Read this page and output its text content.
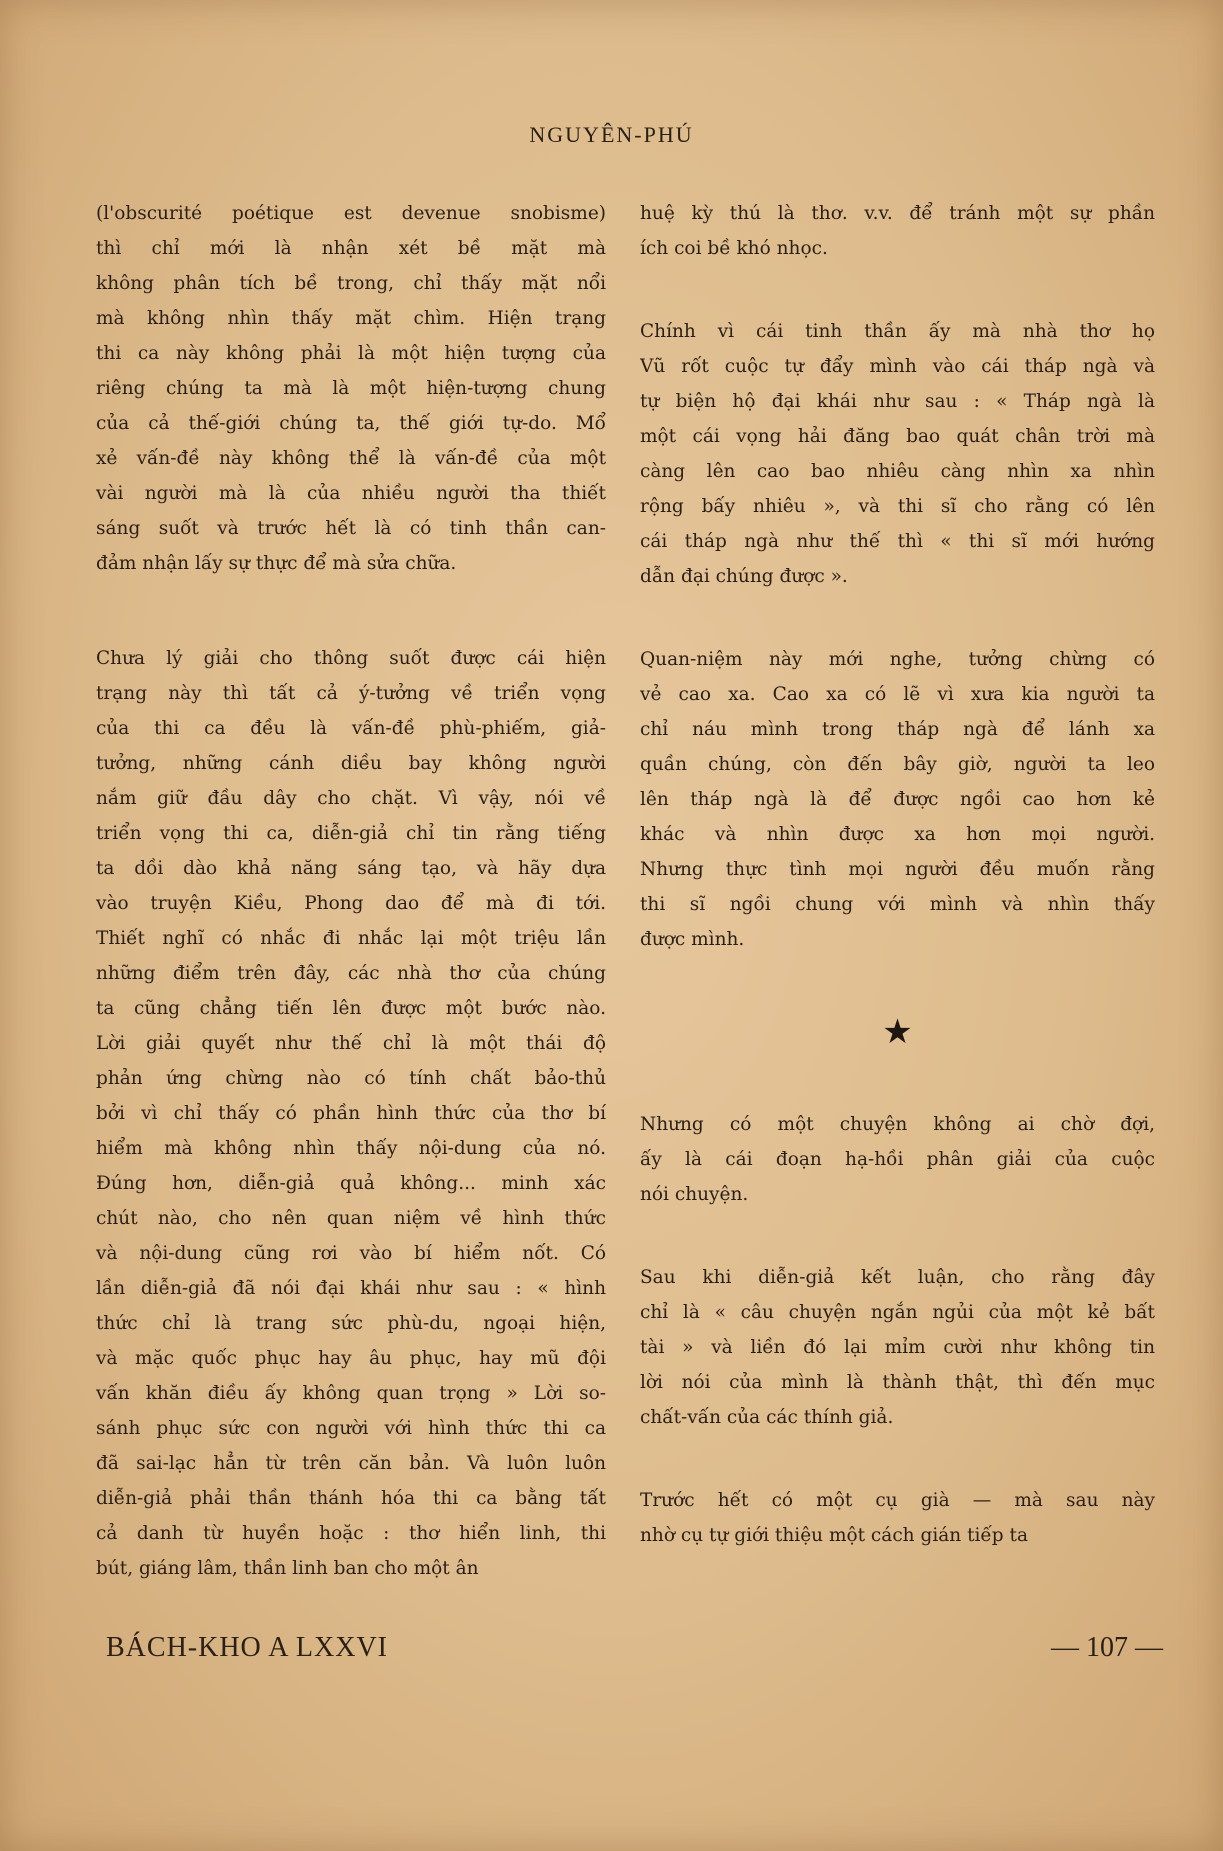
NGUYÊN-PHÚ
(l'obscurité poétique est devenue snobisme)
thì chỉ mới là nhận xét bề mặt mà
không phân tích bề trong, chỉ thấy mặt nổi
mà không nhìn thấy mặt chìm. Hiện trạng
thi ca này không phải là một hiện tượng của
riêng chúng ta mà là một hiện-tượng chung
của cả thế-giới chúng ta, thế giới tự-do. Mổ
xẻ vấn-đề này không thể là vấn-đề của một
vài người mà là của nhiều người tha thiết
sáng suốt và trước hết là có tinh thần can-
đảm nhận lấy sự thực để mà sửa chữa.
Chưa lý giải cho thông suốt được cái hiện
trạng này thì tất cả ý-tưởng về triển vọng
của thi ca đều là vấn-đề phù-phiếm, giả-
tưởng, những cánh diều bay không người
nắm giữ đầu dây cho chặt. Vì vậy, nói về
triển vọng thi ca, diễn-giả chỉ tin rằng tiếng
ta dồi dào khả năng sáng tạo, và hãy dựa
vào truyện Kiều, Phong dao để mà đi tới.
Thiết nghĩ có nhắc đi nhắc lại một triệu lần
những điểm trên đây, các nhà thơ của chúng
ta cũng chẳng tiến lên được một bước nào.
Lời giải quyết như thế chỉ là một thái độ
phản ứng chừng nào có tính chất bảo-thủ
bởi vì chỉ thấy có phần hình thức của thơ bí
hiểm mà không nhìn thấy nội-dung của nó.
Đúng hơn, diễn-giả quả không... minh xác
chút nào, cho nên quan niệm về hình thức
và nội-dung cũng rơi vào bí hiểm nốt. Có
lần diễn-giả đã nói đại khái như sau : « hình
thức chỉ là trang sức phù-du, ngoại hiện,
và mặc quốc phục hay âu phục, hay mũ đội
vấn khăn điều ấy không quan trọng » Lời so-
sánh phục sức con người với hình thức thi ca
đã sai-lạc hẳn từ trên căn bản. Và luôn luôn
diễn-giả phải thần thánh hóa thi ca bằng tất
cả danh từ huyền hoặc : thơ hiển linh, thi
bút, giáng lâm, thần linh ban cho một ân
huệ kỳ thú là thơ. v.v. để tránh một sự phần
ích coi bề khó nhọc.
Chính vì cái tinh thần ấy mà nhà thơ họ
Vũ rốt cuộc tự đẩy mình vào cái tháp ngà và
tự biện hộ đại khái như sau : « Tháp ngà là
một cái vọng hải đăng bao quát chân trời mà
càng lên cao bao nhiêu càng nhìn xa nhìn
rộng bấy nhiêu », và thi sĩ cho rằng có lên
cái tháp ngà như thế thì « thi sĩ mới hướng
dẫn đại chúng được ».
Quan-niệm này mới nghe, tưởng chừng có
vẻ cao xa. Cao xa có lẽ vì xưa kia người ta
chỉ náu mình trong tháp ngà để lánh xa
quần chúng, còn đến bây giờ, người ta leo
lên tháp ngà là để được ngồi cao hơn kẻ
khác và nhìn được xa hơn mọi người.
Nhưng thực tình mọi người đều muốn rằng
thi sĩ ngồi chung với mình và nhìn thấy
được mình.
★
Nhưng có một chuyện không ai chờ đợi,
ấy là cái đoạn hạ-hồi phân giải của cuộc
nói chuyện.
Sau khi diễn-giả kết luận, cho rằng đây
chỉ là « câu chuyện ngắn ngủi của một kẻ bất
tài » và liền đó lại mỉm cười như không tin
lời nói của mình là thành thật, thì đến mục
chất-vấn của các thính giả.
Trước hết có một cụ già — mà sau này
nhờ cụ tự giới thiệu một cách gián tiếp ta
BÁCH-KHO A LXXVI	— 107 —
